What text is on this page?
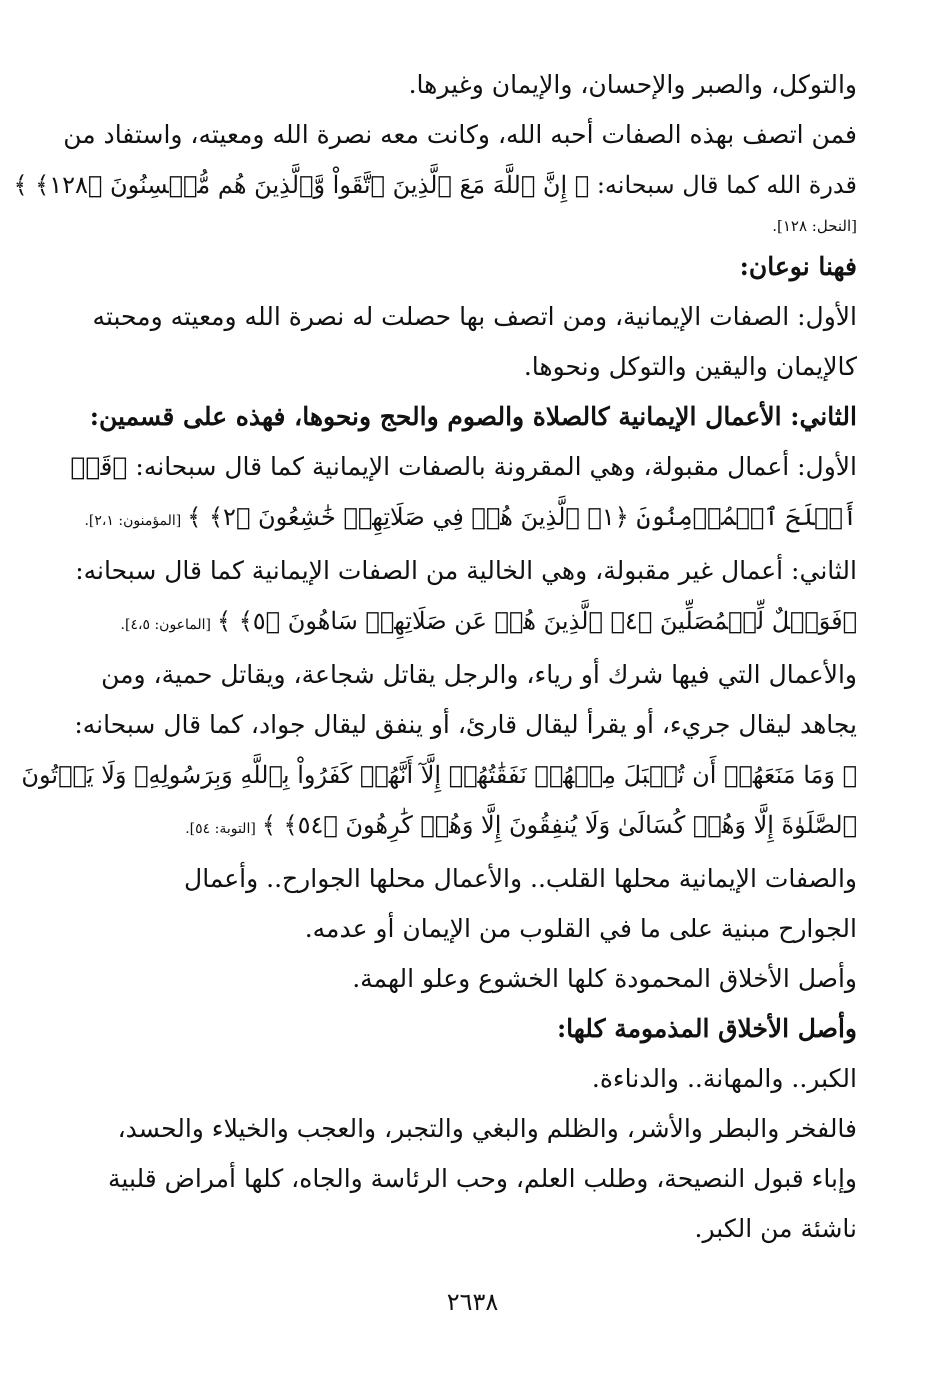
والتوكل، والصبر والإحسان، والإيمان وغيرها.
فمن اتصف بهذه الصفات أحبه الله، وكانت معه نصرة الله ومعيته، واستفاد من
قدرة الله كما قال سبحانه: ﴿ إِنَّ ٱللَّهَ مَعَ ٱلَّذِينَ ٱتَّقَواْ وَّٱلَّذِينَ هُم مُّحۡسِنُونَ ﴿١٢٨﴾ ﴾
[النحل: ١٢٨].
فهنا نوعان:
الأول: الصفات الإيمانية، ومن اتصف بها حصلت له نصرة الله ومعيته ومحبته
كالإيمان واليقين والتوكل ونحوها.
الثاني: الأعمال الإيمانية كالصلاة والصوم والحج ونحوها، فهذه على قسمين:
الأول: أعمال مقبولة، وهي المقرونة بالصفات الإيمانية كما قال سبحانه: ﴿قَدۡ
أَفۡلَحَ ٱلۡمُؤۡمِنُونَ ﴿١﴾ ٱلَّذِينَ هُمۡ فِي صَلَاتِهِمۡ خَٰشِعُونَ ﴿٢﴾ ﴾[المؤمنون: ٢،١].
الثاني: أعمال غير مقبولة، وهي الخالية من الصفات الإيمانية كما قال سبحانه:
﴿فَوَيۡلٌ لِّلۡمُصَلِّينَ ﴿٤﴾ ٱلَّذِينَ هُمۡ عَن صَلَاتِهِمۡ سَاهُونَ ﴿٥﴾ ﴾[الماعون: ٤،٥].
والأعمال التي فيها شرك أو رياء، والرجل يقاتل شجاعة، ويقاتل حمية، ومن
يجاهد ليقال جريء، أو يقرأ ليقال قارئ، أو ينفق ليقال جواد، كما قال سبحانه:
﴿ وَمَا مَنَعَهُمۡ أَن تُقۡبَلَ مِنۡهُمۡ نَفَقَٰتُهُمۡ إِلَّآ أَنَّهُمۡ كَفَرُواْ بِٱللَّهِ وَبِرَسُولِهِۦ وَلَا يَأۡتُونَ
ٱلصَّلَوٰةَ إِلَّا وَهُمۡ كُسَالَىٰ وَلَا يُنفِقُونَ إِلَّا وَهُمۡ كَٰرِهُونَ ﴿٥٤﴾ ﴾[التوبة: ٥٤].
والصفات الإيمانية محلها القلب.. والأعمال محلها الجوارح.. وأعمال
الجوارح مبنية على ما في القلوب من الإيمان أو عدمه.
وأصل الأخلاق المحمودة كلها الخشوع وعلو الهمة.
وأصل الأخلاق المذمومة كلها:
الكبر.. والمهانة.. والدناءة.
فالفخر والبطر والأشر، والظلم والبغي والتجبر، والعجب والخيلاء والحسد،
وإباء قبول النصيحة، وطلب العلم، وحب الرئاسة والجاه، كلها أمراض قلبية
ناشئة من الكبر.
٢٦٣٨
